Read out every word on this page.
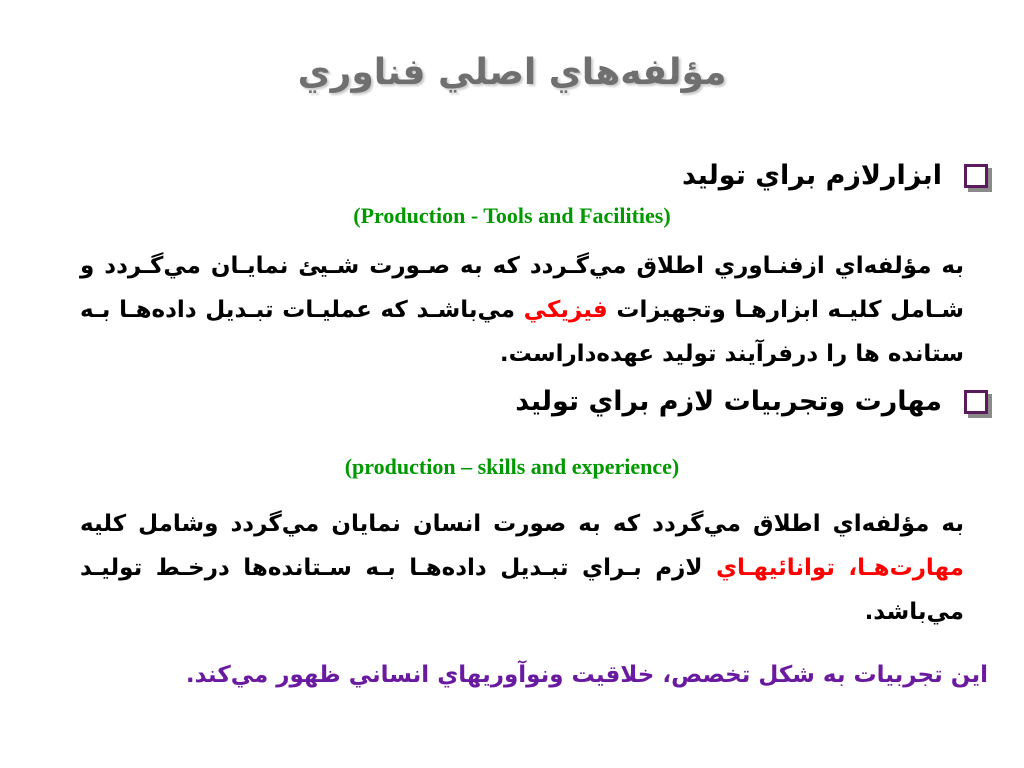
مؤلفه‌هاي اصلي فناوري
ابزارلازم براي توليد
(Production - Tools and Facilities)

به مؤلفه‌اي ازفنـاوري اطلاق مي‌گـردد كه به صـورت شـيئ نمايـان مي‌گـردد و شـامل كليـه ابزارهـا وتجهيزات فيزيكي مي‌باشـد كه عمليـات تبـديل داده‌هـا بـه ستانده ها را درفرآيند توليد عهده‌داراست.

مهارت وتجربيات لازم براي توليد
(production – skills and experience)

به مؤلفه‌اي اطلاق مي‌گردد كه به صورت انسان نمايان مي‌گردد وشامل كليه مهارت‌هـا، توانائيهـاي لازم بـراي تبـديل داده‌هـا بـه سـتانده‌ها درخـط توليـد مي‌باشد.

اين تجربيات به شكل تخصص، خلاقيت ونوآوريهاي انساني ظهور مي‌كند.
